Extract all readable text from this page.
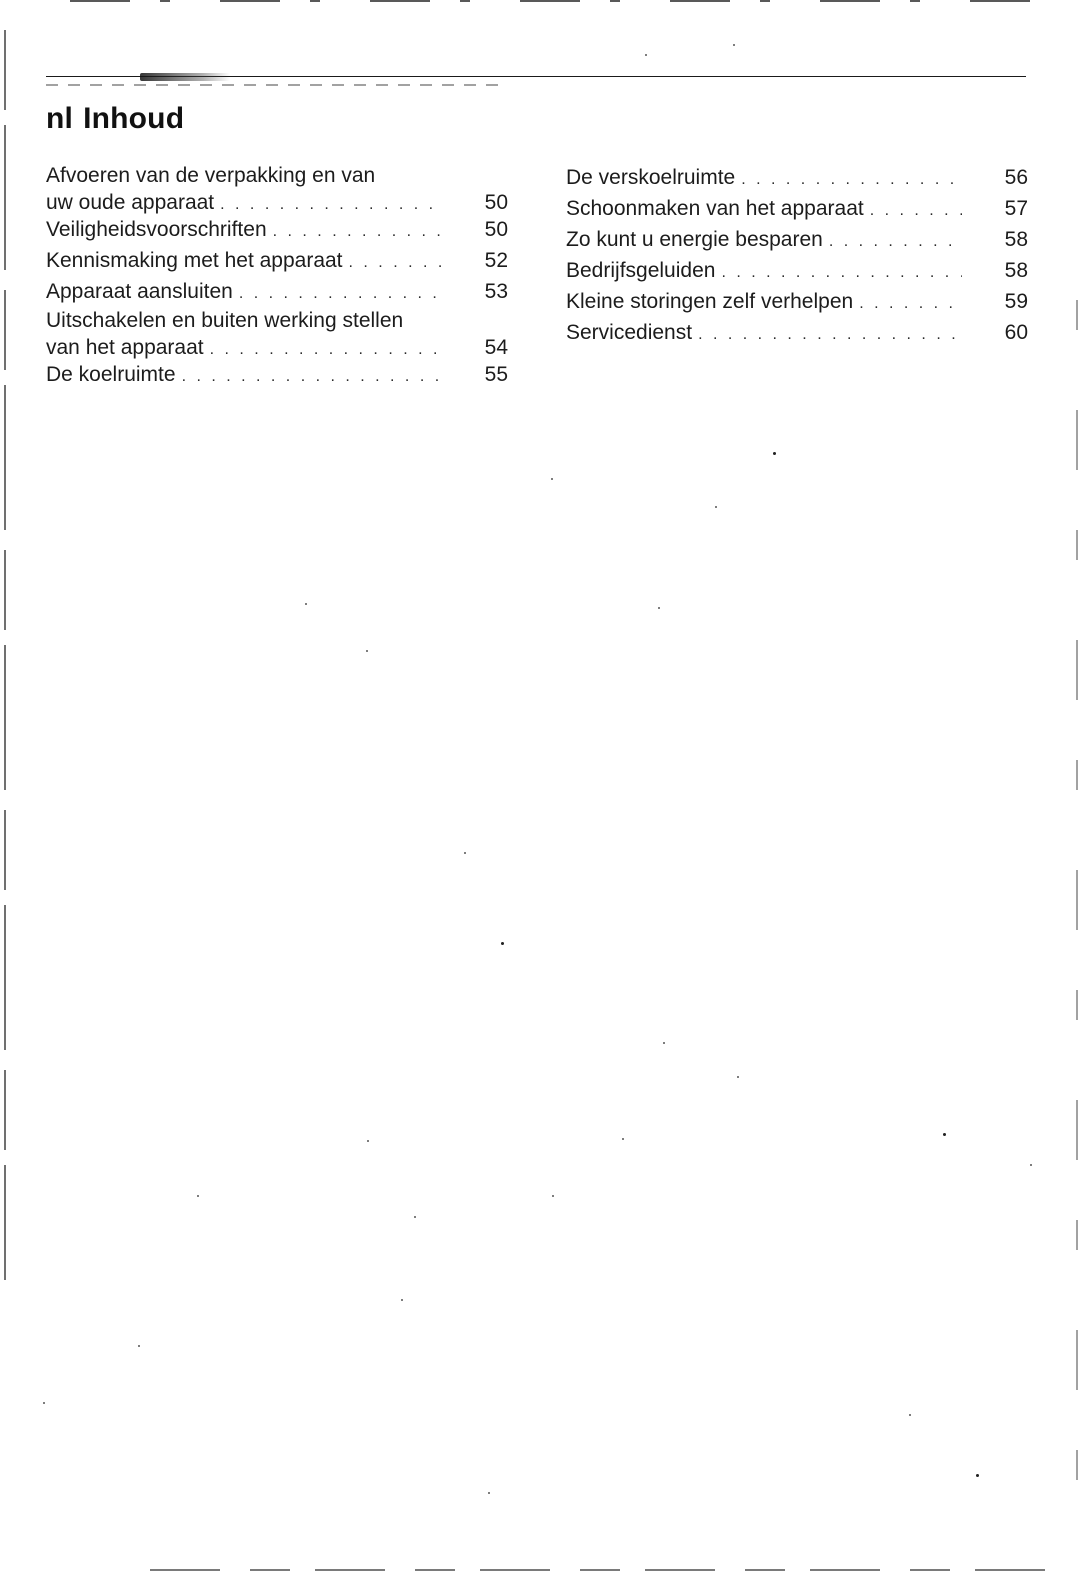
nl Inhoud
Afvoeren van de verpakking en van
uw oude apparaat . . .	50
Veiligheidsvoorschriften . . .	50
Kennismaking met het apparaat . . .	52
Apparaat aansluiten . . .	53
Uitschakelen en buiten werking stellen
van het apparaat . . .	54
De koelruimte . . .	55
De verskoelruimte . . .	56
Schoonmaken van het apparaat . . .	57
Zo kunt u energie besparen . . .	58
Bedrijfsgeluiden . . .	58
Kleine storingen zelf verhelpen . . .	59
Servicedienst . . .	60
